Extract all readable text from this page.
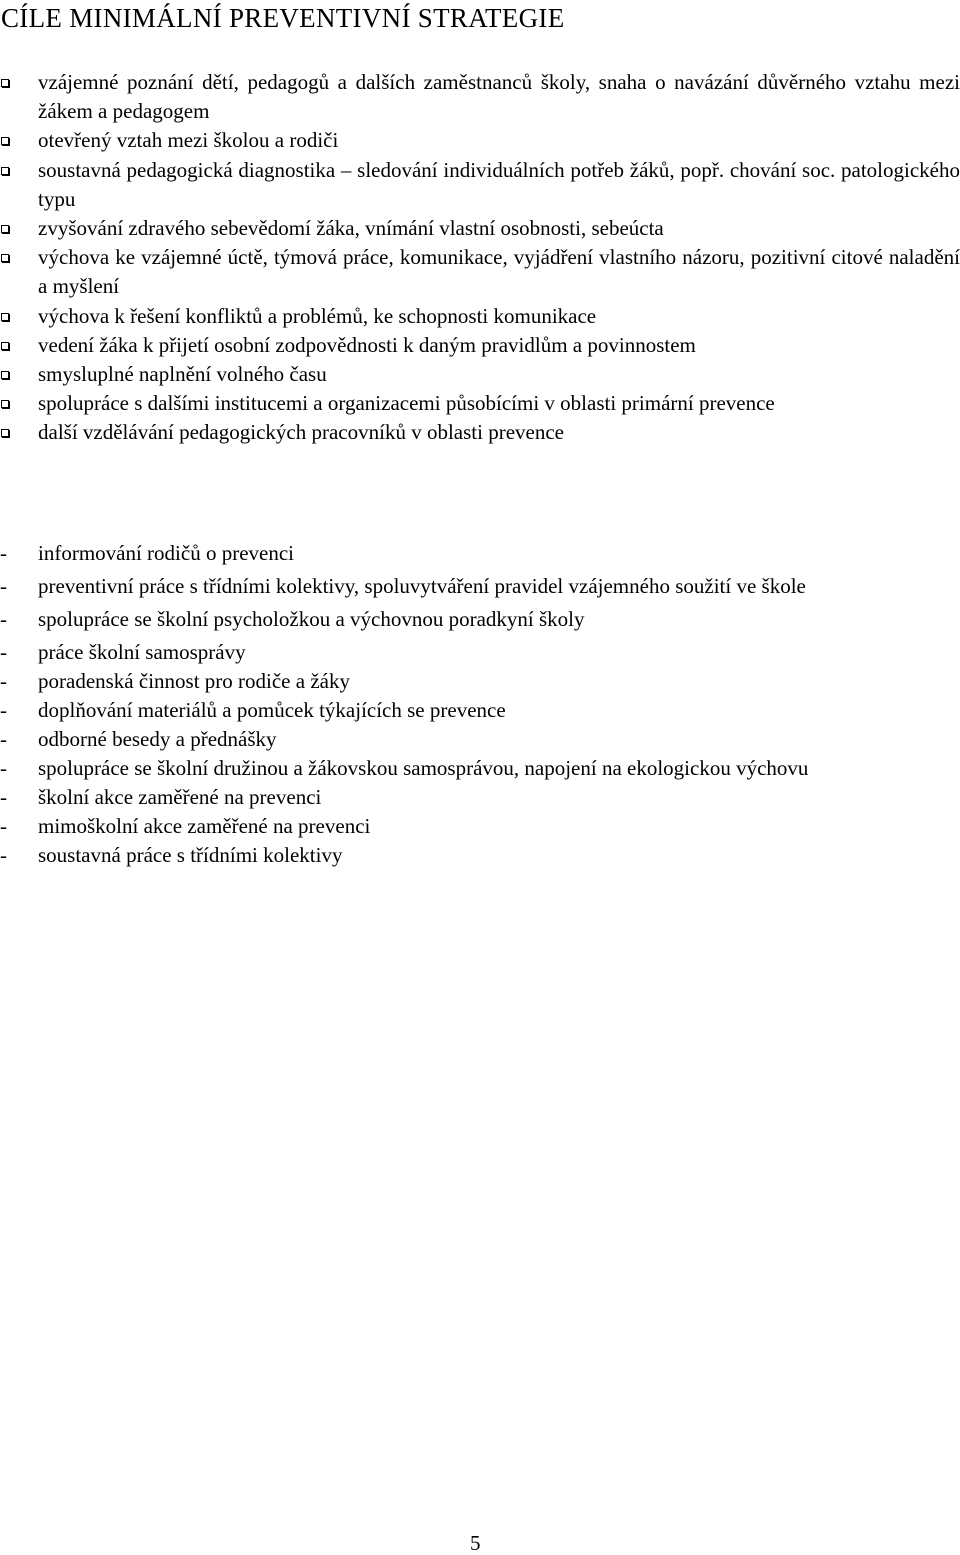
CÍLE MINIMÁLNÍ PREVENTIVNÍ STRATEGIE
vzájemné poznání dětí, pedagogů a dalších zaměstnanců školy, snaha o navázání důvěrného vztahu mezi žákem a pedagogem
otevřený vztah mezi školou a rodiči
soustavná pedagogická diagnostika – sledování individuálních potřeb žáků, popř. chování soc. patologického typu
zvyšování zdravého sebevědomí žáka, vnímání vlastní osobnosti, sebeúcta
výchova ke vzájemné úctě, týmová práce, komunikace, vyjádření vlastního názoru, pozitivní citové naladění a myšlení
výchova k řešení konfliktů a problémů, ke schopnosti komunikace
vedení žáka k přijetí osobní zodpovědnosti k daným pravidlům a povinnostem
smysluplné naplnění volného času
spolupráce s dalšími institucemi a organizacemi působícími v oblasti primární prevence
další vzdělávání pedagogických pracovníků v oblasti prevence
- informování rodičů o prevenci
- preventivní práce s třídními kolektivy, spoluvytváření pravidel vzájemného soužití ve škole
- spolupráce se školní psycholožkou a výchovnou poradkyní školy
- práce školní samosprávy
- poradenská činnost pro rodiče a žáky
- doplňování materiálů a pomůcek týkajících se prevence
- odborné besedy a přednášky
- spolupráce se školní družinou a žákovskou samosprávou, napojení na ekologickou výchovu
- školní akce zaměřené na prevenci
- mimoškolní akce zaměřené na prevenci
- soustavná práce s třídními kolektivy
5
